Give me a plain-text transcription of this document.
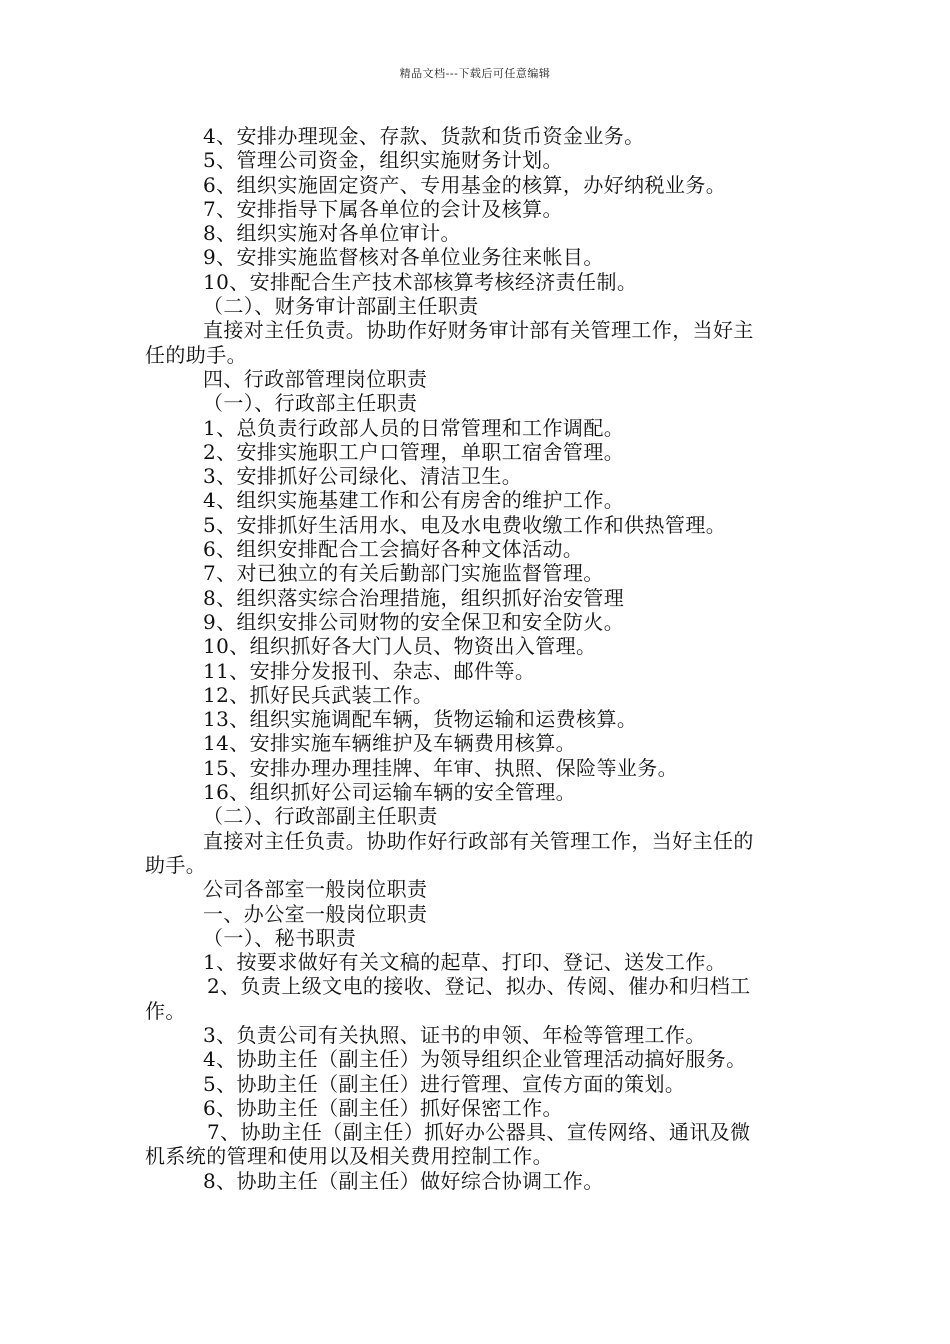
精品文档---下载后可任意编辑
4、安排办理现金、存款、货款和货币资金业务。
5、管理公司资金，组织实施财务计划。
6、组织实施固定资产、专用基金的核算，办好纳税业务。
7、安排指导下属各单位的会计及核算。
8、组织实施对各单位审计。
9、安排实施监督核对各单位业务往来帐目。
10、安排配合生产技术部核算考核经济责任制。
（二）、财务审计部副主任职责
直接对主任负责。协助作好财务审计部有关管理工作，当好主
任的助手。
四、行政部管理岗位职责
（一）、行政部主任职责
1、总负责行政部人员的日常管理和工作调配。
2、安排实施职工户口管理，单职工宿舍管理。
3、安排抓好公司绿化、清洁卫生。
4、组织实施基建工作和公有房舍的维护工作。
5、安排抓好生活用水、电及水电费收缴工作和供热管理。
6、组织安排配合工会搞好各种文体活动。
7、对已独立的有关后勤部门实施监督管理。
8、组织落实综合治理措施，组织抓好治安管理
9、组织安排公司财物的安全保卫和安全防火。
10、组织抓好各大门人员、物资出入管理。
11、安排分发报刊、杂志、邮件等。
12、抓好民兵武装工作。
13、组织实施调配车辆，货物运输和运费核算。
14、安排实施车辆维护及车辆费用核算。
15、安排办理办理挂牌、年审、执照、保险等业务。
16、组织抓好公司运输车辆的安全管理。
（二）、行政部副主任职责
直接对主任负责。协助作好行政部有关管理工作，当好主任的
助手。
公司各部室一般岗位职责
一、办公室一般岗位职责
（一）、秘书职责
1、按要求做好有关文稿的起草、打印、登记、送发工作。
2、负责上级文电的接收、登记、拟办、传阅、催办和归档工
作。
3、负责公司有关执照、证书的申领、年检等管理工作。
4、协助主任（副主任）为领导组织企业管理活动搞好服务。
5、协助主任（副主任）进行管理、宣传方面的策划。
6、协助主任（副主任）抓好保密工作。
7、协助主任（副主任）抓好办公器具、宣传网络、通讯及微
机系统的管理和使用以及相关费用控制工作。
8、协助主任（副主任）做好综合协调工作。
